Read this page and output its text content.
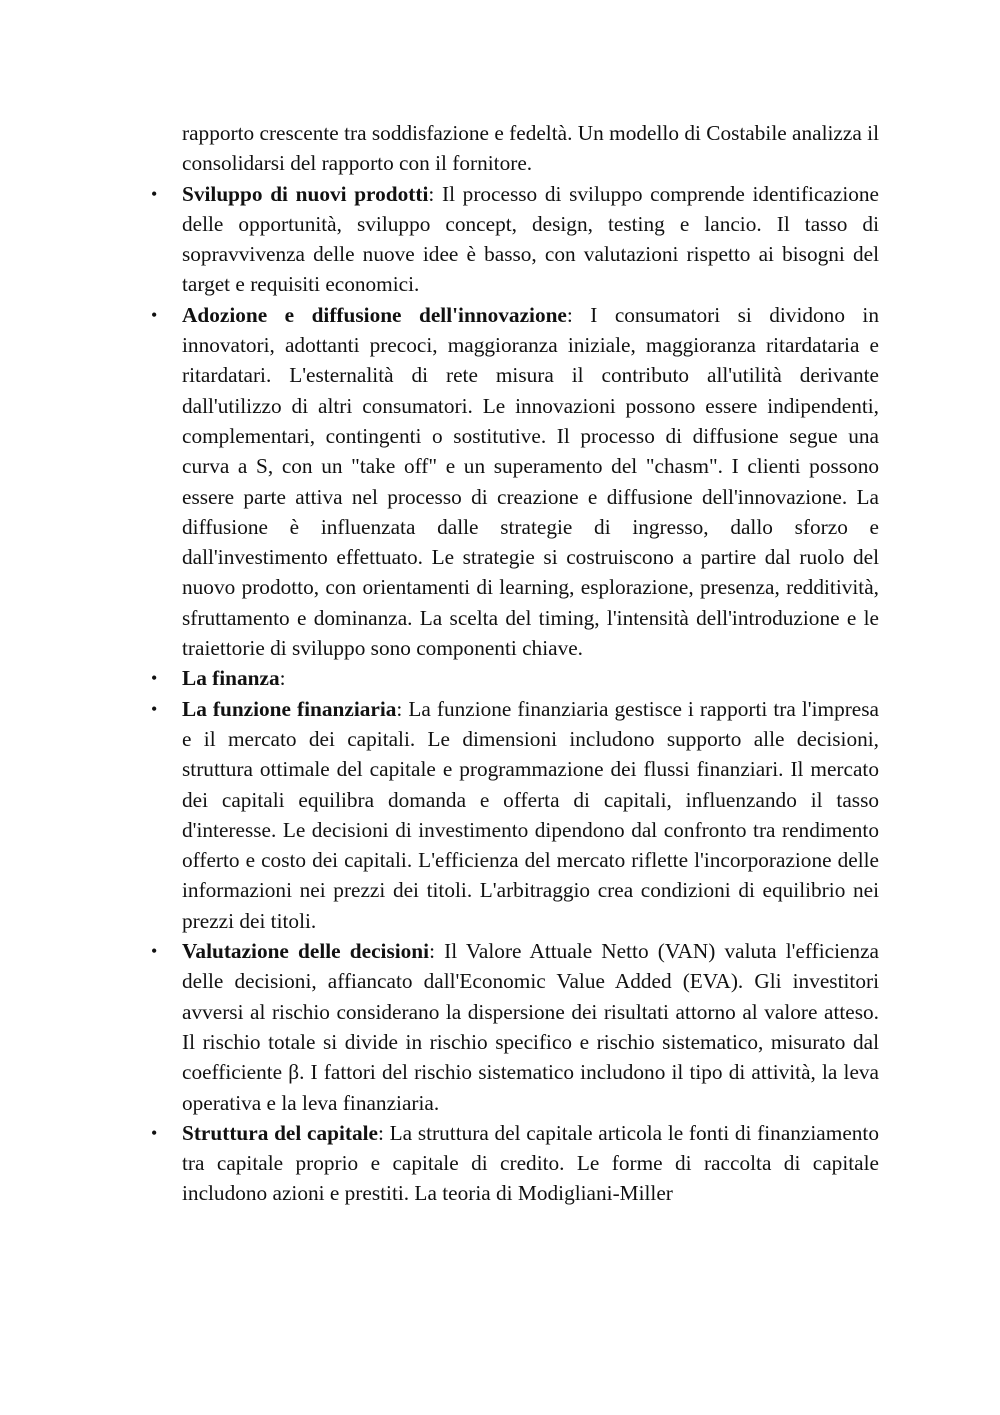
rapporto crescente tra soddisfazione e fedeltà. Un modello di Costabile analizza il consolidarsi del rapporto con il fornitore.

• Sviluppo di nuovi prodotti: Il processo di sviluppo comprende identificazione delle opportunità, sviluppo concept, design, testing e lancio. Il tasso di sopravvivenza delle nuove idee è basso, con valutazioni rispetto ai bisogni del target e requisiti economici.
• Adozione e diffusione dell'innovazione: I consumatori si dividono in innovatori, adottanti precoci, maggioranza iniziale, maggioranza ritardataria e ritardatari. L'esternalità di rete misura il contributo all'utilità derivante dall'utilizzo di altri consumatori. Le innovazioni possono essere indipendenti, complementari, contingenti o sostitutive. Il processo di diffusione segue una curva a S, con un "take off" e un superamento del "chasm". I clienti possono essere parte attiva nel processo di creazione e diffusione dell'innovazione. La diffusione è influenzata dalle strategie di ingresso, dallo sforzo e dall'investimento effettuato. Le strategie si costruiscono a partire dal ruolo del nuovo prodotto, con orientamenti di learning, esplorazione, presenza, redditività, sfruttamento e dominanza. La scelta del timing, l'intensità dell'introduzione e le traiettorie di sviluppo sono componenti chiave.
• La finanza:
• La funzione finanziaria: La funzione finanziaria gestisce i rapporti tra l'impresa e il mercato dei capitali. Le dimensioni includono supporto alle decisioni, struttura ottimale del capitale e programmazione dei flussi finanziari. Il mercato dei capitali equilibra domanda e offerta di capitali, influenzando il tasso d'interesse. Le decisioni di investimento dipendono dal confronto tra rendimento offerto e costo dei capitali. L'efficienza del mercato riflette l'incorporazione delle informazioni nei prezzi dei titoli. L'arbitraggio crea condizioni di equilibrio nei prezzi dei titoli.
• Valutazione delle decisioni: Il Valore Attuale Netto (VAN) valuta l'efficienza delle decisioni, affiancato dall'Economic Value Added (EVA). Gli investitori avversi al rischio considerano la dispersione dei risultati attorno al valore atteso. Il rischio totale si divide in rischio specifico e rischio sistematico, misurato dal coefficiente β. I fattori del rischio sistematico includono il tipo di attività, la leva operativa e la leva finanziaria.
• Struttura del capitale: La struttura del capitale articola le fonti di finanziamento tra capitale proprio e capitale di credito. Le forme di raccolta di capitale includono azioni e prestiti. La teoria di Modigliani-Miller
